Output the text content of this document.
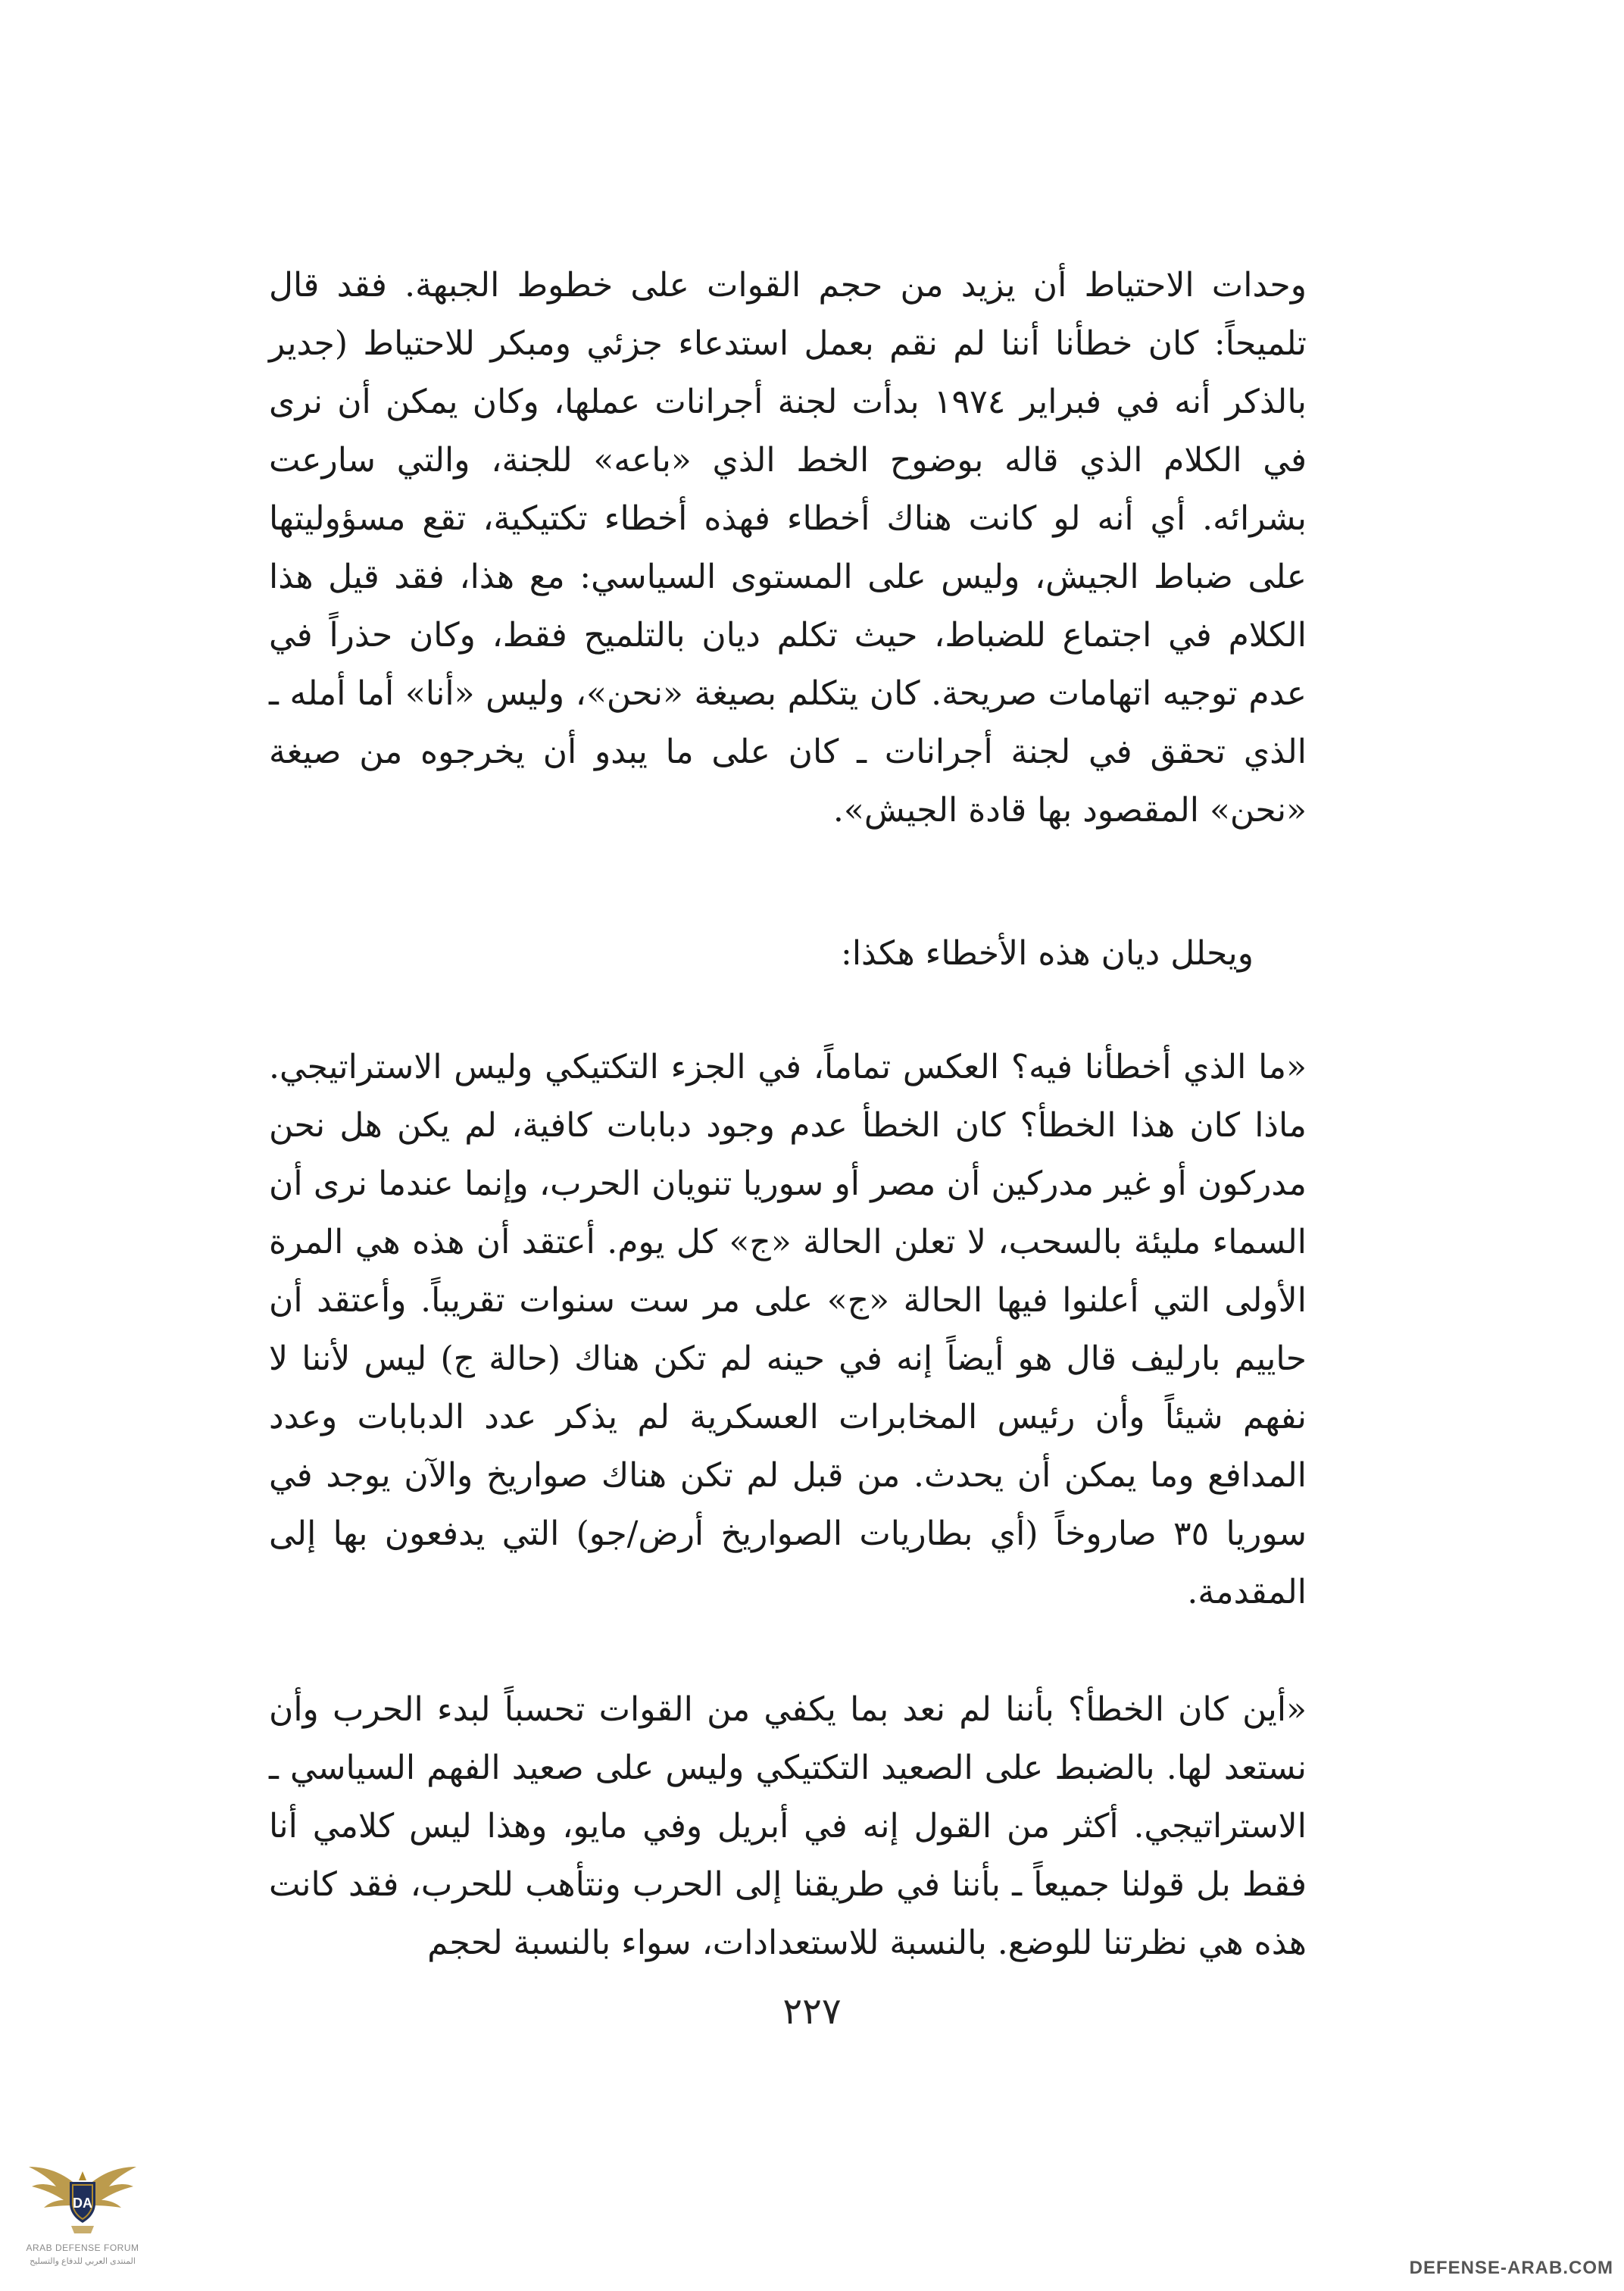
وحدات الاحتياط أن يزيد من حجم القوات على خطوط الجبهة. فقد قال تلميحاً: كان خطأنا أننا لم نقم بعمل استدعاء جزئي ومبكر للاحتياط (جدير بالذكر أنه في فبراير ١٩٧٤ بدأت لجنة أجرانات عملها، وكان يمكن أن نرى في الكلام الذي قاله بوضوح الخط الذي «باعه» للجنة، والتي سارعت بشرائه. أي أنه لو كانت هناك أخطاء فهذه أخطاء تكتيكية، تقع مسؤوليتها على ضباط الجيش، وليس على المستوى السياسي: مع هذا، فقد قيل هذا الكلام في اجتماع للضباط، حيث تكلم ديان بالتلميح فقط، وكان حذراً في عدم توجيه اتهامات صريحة. كان يتكلم بصيغة «نحن»، وليس «أنا» أما أمله ـ الذي تحقق في لجنة أجرانات ـ كان على ما يبدو أن يخرجوه من صيغة «نحن» المقصود بها قادة الجيش».

ويحلل ديان هذه الأخطاء هكذا:

«ما الذي أخطأنا فيه؟ العكس تماماً، في الجزء التكتيكي وليس الاستراتيجي. ماذا كان هذا الخطأ؟ كان الخطأ عدم وجود دبابات كافية، لم يكن هل نحن مدركون أو غير مدركين أن مصر أو سوريا تنويان الحرب، وإنما عندما نرى أن السماء مليئة بالسحب، لا تعلن الحالة «ج» كل يوم. أعتقد أن هذه هي المرة الأولى التي أعلنوا فيها الحالة «ج» على مر ست سنوات تقريباً. وأعتقد أن حاييم بارليف قال هو أيضاً إنه في حينه لم تكن هناك (حالة ج) ليس لأننا لا نفهم شيئاً وأن رئيس المخابرات العسكرية لم يذكر عدد الدبابات وعدد المدافع وما يمكن أن يحدث. من قبل لم تكن هناك صواريخ والآن يوجد في سوريا ٣٥ صاروخاً (أي بطاريات الصواريخ أرض/جو) التي يدفعون بها إلى المقدمة.

«أين كان الخطأ؟ بأننا لم نعد بما يكفي من القوات تحسباً لبدء الحرب وأن نستعد لها. بالضبط على الصعيد التكتيكي وليس على صعيد الفهم السياسي ـ الاستراتيجي. أكثر من القول إنه في أبريل وفي مايو، وهذا ليس كلامي أنا فقط بل قولنا جميعاً ـ بأننا في طريقنا إلى الحرب ونتأهب للحرب، فقد كانت هذه هي نظرتنا للوضع. بالنسبة للاستعدادات، سواء بالنسبة لحجم

٢٢٧
DA
ARAB DEFENSE FORUM
المنتدى العربي للدفاع والتسليح	DEFENSE-ARAB.COM
